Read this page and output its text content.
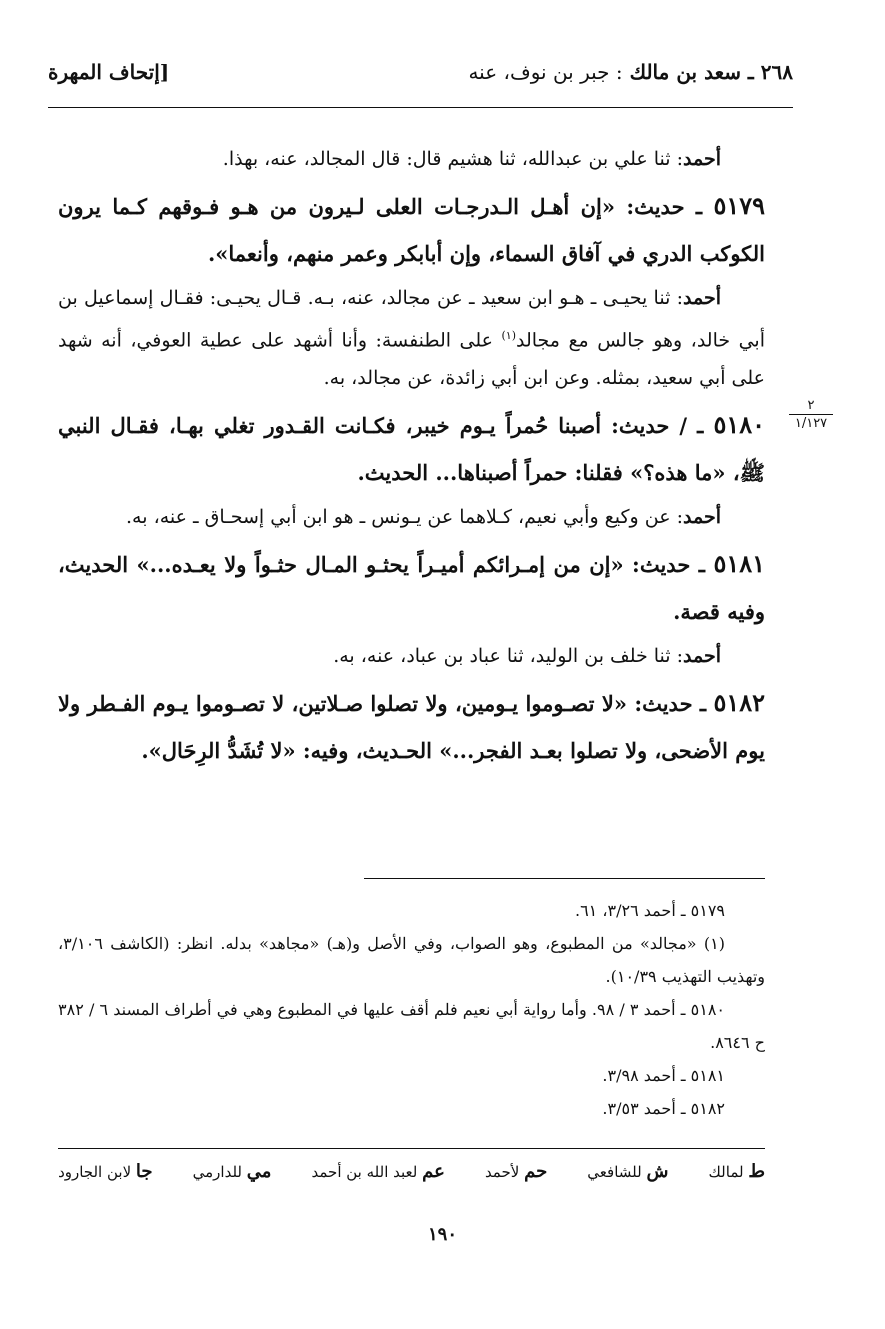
٢٦٨ ـ سعد بن مالك : جبر بن نوف، عنه
[إتحاف المهرة

أحمد: ثنا علي بن عبدالله، ثنا هشيم قال: قال المجالد، عنه، بهذا.

٥١٧٩ ـ حديث: «إن أهـل الـدرجـات العلى لـيرون من هـو فـوقهم كـما يرون الكوكب الدري في آفاق السماء، وإن أبابكر وعمر منهم، وأنعما».

أحمد: ثنا يحيـى ـ هـو ابن سعيد ـ عن مجالد، عنه، بـه. قـال يحيـى: فقـال إسماعيل بن أبي خالد، وهو جالس مع مجالد$^{(١)}$ على الطنفسة: وأنا أشهد على عطية العوفي، أنه شهد على أبي سعيد، بمثله. وعن ابن أبي زائدة، عن مجالد، به.

٥١٨٠ ـ / حديث: أصبنا حُمراً يـوم خيبر، فكـانت القـدور تغلي بهـا، فقـال النبي ﷺ، «ما هذه؟» فقلنا: حمراً أصبناها... الحديث.

أحمد: عن وكيع وأبي نعيم، كـلاهما عن يـونس ـ هو ابن أبي إسحـاق ـ عنه، به.

٥١٨١ ـ حديث: «إن من إمـرائكم أميـراً يحثـو المـال حثـواً ولا يعـده...» الحديث، وفيه قصة.

أحمد: ثنا خلف بن الوليد، ثنا عباد بن عباد، عنه، به.

٥١٨٢ ـ حديث: «لا تصـوموا يـومين، ولا تصلوا صـلاتين، لا تصـوموا يـوم الفـطر ولا يوم الأضحى، ولا تصلوا بعـد الفجر...» الحـديث، وفيه: «لا تُشَدُّ الرِحَال».

٢
١/١٢٧

٥١٧٩ ـ أحمد ٣/٢٦، ٦١.

(١) «مجالد» من المطبوع، وهو الصواب، وفي الأصل و(هـ) «مجاهد» بدله. انظر: (الكاشف ٣/١٠٦، وتهذيب التهذيب ١٠/٣٩).

٥١٨٠ ـ أحمد ٣ / ٩٨. وأما رواية أبي نعيم فلم أقف عليها في المطبوع وهي في أطراف المسند ٦ / ٣٨٢ ح ٨٦٤٦.

٥١٨١ ـ أحمد ٣/٩٨.

٥١٨٢ ـ أحمد ٣/٥٣.

ط لمالك
ش للشافعي
حم لأحمد
عم لعبد الله بن أحمد
مي للدارمي
جا لابن الجارود
١٩٠
